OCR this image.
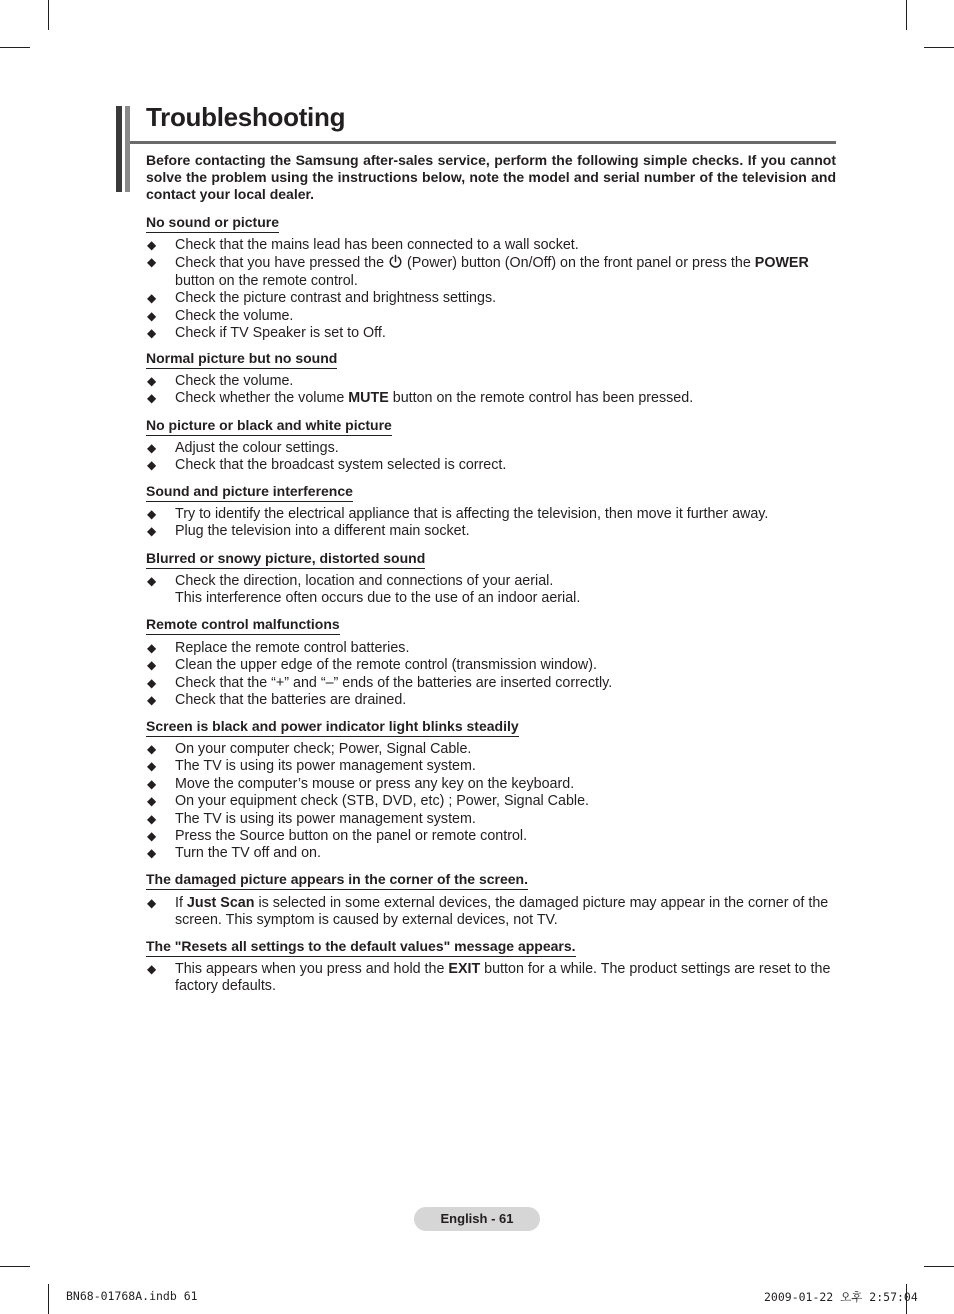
Troubleshooting

Before contacting the Samsung after-sales service, perform the following simple checks. If you cannot solve the problem using the instructions below, note the model and serial number of the television and contact your local dealer.

No sound or picture
◆ Check that the mains lead has been connected to a wall socket.
◆ Check that you have pressed the  (Power) button (On/Off) on the front panel or press the POWER button on the remote control.
◆ Check the picture contrast and brightness settings.
◆ Check the volume.
◆ Check if TV Speaker is set to Off.
Normal picture but no sound
◆ Check the volume.
◆ Check whether the volume MUTE button on the remote control has been pressed.
No picture or black and white picture
◆ Adjust the colour settings.
◆ Check that the broadcast system selected is correct.
Sound and picture interference
◆ Try to identify the electrical appliance that is affecting the television, then move it further away.
◆ Plug the television into a different main socket.
Blurred or snowy picture, distorted sound
◆ Check the direction, location and connections of your aerial.
This interference often occurs due to the use of an indoor aerial.
Remote control malfunctions
◆ Replace the remote control batteries.
◆ Clean the upper edge of the remote control (transmission window).
◆ Check that the “+” and “–” ends of the batteries are inserted correctly.
◆ Check that the batteries are drained.
Screen is black and power indicator light blinks steadily
◆ On your computer check; Power, Signal Cable.
◆ The TV is using its power management system.
◆ Move the computer’s mouse or press any key on the keyboard.
◆ On your equipment check (STB, DVD, etc) ; Power, Signal Cable.
◆ The TV is using its power management system.
◆ Press the Source button on the panel or remote control.
◆ Turn the TV off and on.
The damaged picture appears in the corner of the screen.
◆ If Just Scan is selected in some external devices, the damaged picture may appear in the corner of the screen. This symptom is caused by external devices, not TV.
The "Resets all settings to the default values" message appears.
◆ This appears when you press and hold the EXIT button for a while. The product settings are reset to the factory defaults.
English - 61
BN68-01768A.indb 61	2009-01-22 오후 2:57:04
